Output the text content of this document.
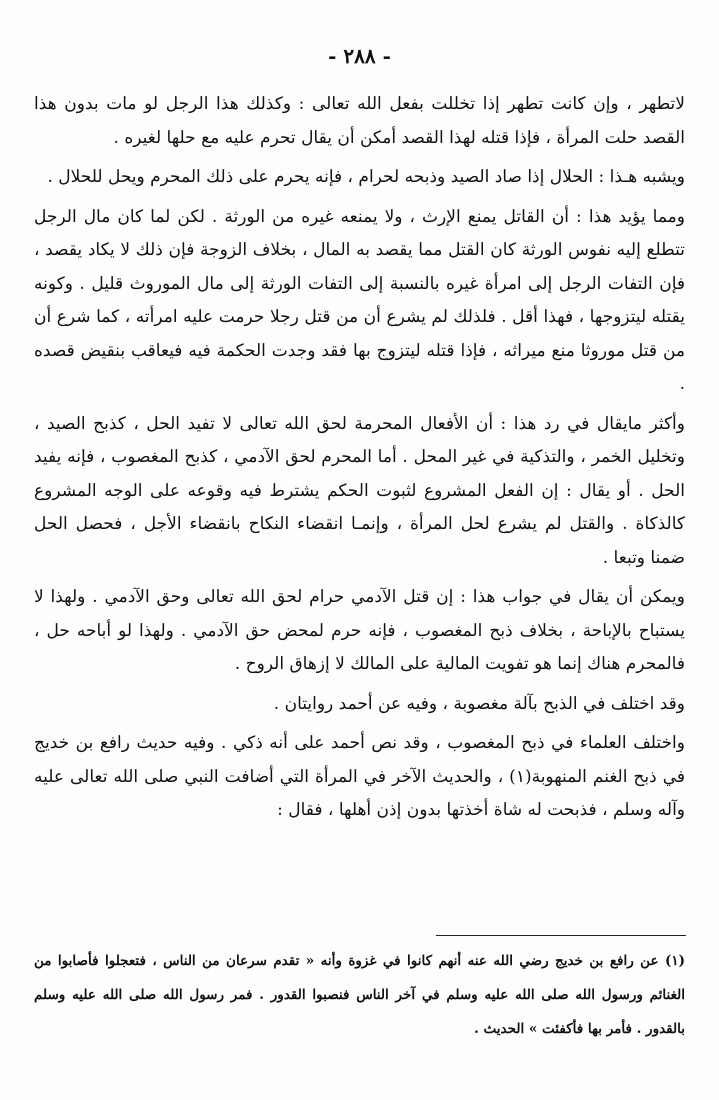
- ٢٨٨ -

لاتطهر ، وإن كانت تطهر إذا تخللت بفعل الله تعالى : وكذلك هذا الرجل لو مات بدون هذا القصد حلت المرأة ، فإذا قتله لهذا القصد أمكن أن يقال تحرم عليه مع حلها لغيره .

ويشبه هـذا : الحلال إذا صاد الصيد وذبحه لحرام ، فإنه يحرم على ذلك المحرم ويحل للحلال .

ومما يؤيد هذا : أن القاتل يمنع الإرث ، ولا يمنعه غيره من الورثة . لكن لما كان مال الرجل تتطلع إليه نفوس الورثة كان القتل مما يقصد به المال ، بخلاف الزوجة فإن ذلك لا يكاد يقصد ، فإن التفات الرجل إلى امرأة غيره بالنسبة إلى التفات الورثة إلى مال الموروث قليل . وكونه يقتله ليتزوجها ، فهذا أقل . فلذلك لم يشرع أن من قتل رجلا حرمت عليه امرأته ، كما شرع أن من قتل موروثا منع ميراثه ، فإذا قتله ليتزوج بها فقد وجدت الحكمة فيه فيعاقب بنقيض قصده .

وأكثر مايقال في رد هذا : أن الأفعال المحرمة لحق الله تعالى لا تفيد الحل ، كذبح الصيد ، وتخليل الخمر ، والتذكية في غير المحل . أما المحرم لحق الآدمي ، كذبح المغصوب ، فإنه يفيد الحل . أو يقال : إن الفعل المشروع لثبوت الحكم يشترط فيه وقوعه على الوجه المشروع كالذكاة . والقتل لم يشرع لحل المرأة ، وإنمـا انقضاء النكاح بانقضاء الأجل ، فحصل الحل ضمنا وتبعا .

ويمكن أن يقال في جواب هذا : إن قتل الآدمي حرام لحق الله تعالى وحق الآدمي . ولهذا لا يستباح بالإباحة ، بخلاف ذبح المغصوب ، فإنه حرم لمحض حق الآدمي . ولهذا لو أباحه حل ، فالمحرم هناك إنما هو تفويت المالية على المالك لا إزهاق الروح .

وقد اختلف في الذبح بآلة مغصوبة ، وفيه عن أحمد روايتان .

واختلف العلماء في ذبح المغصوب ، وقد نص أحمد على أنه ذكي . وفيه حديث رافع بن خديج في ذبح الغنم المنهوبة(١) ، والحديث الآخر في المرأة التي أضافت النبي صلى الله تعالى عليه وآله وسلم ، فذبحت له شاة أخذتها بدون إذن أهلها ، فقال :

(١) عن رافع بن خديج رضي الله عنه أنهم كانوا في غزوة وأنه « تقدم سرعان من الناس ، فتعجلوا فأصابوا من الغنائم ورسول الله صلى الله عليه وسلم في آخر الناس فنصبوا القدور . فمر رسول الله صلى الله عليه وسلم بالقدور . فأمر بها فأكفئت » الحديث .
